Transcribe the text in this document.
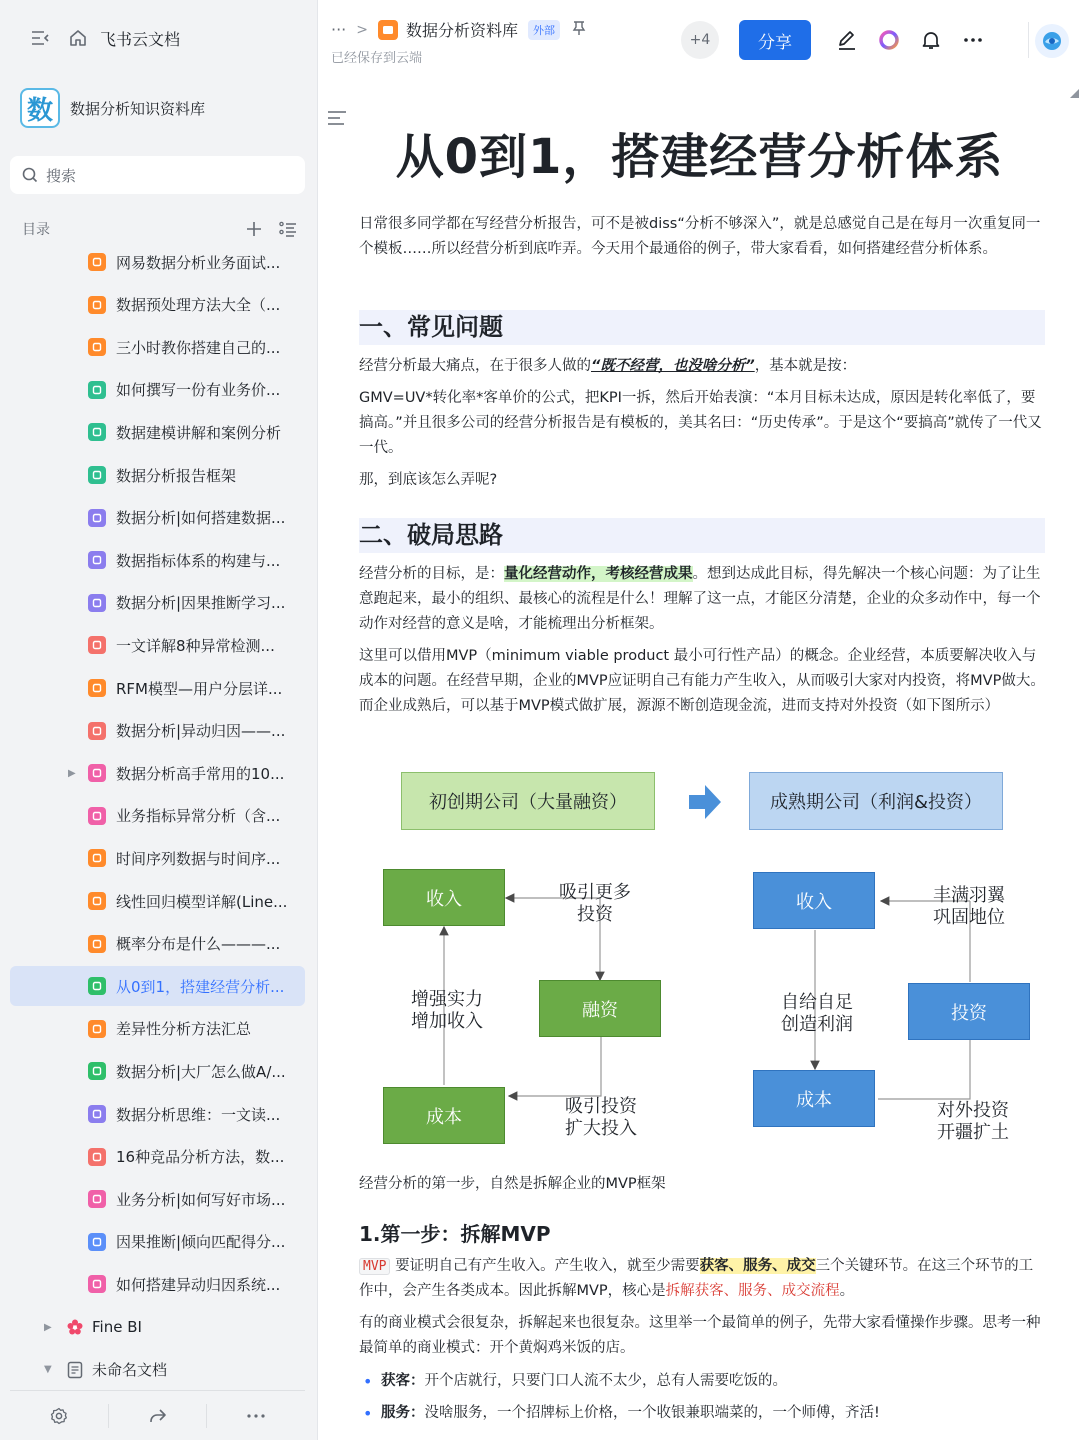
飞书云文档
数	数据分析知识资料库
搜索
目录
网易数据分析业务面试...
数据预处理方法大全（...
三小时教你搭建自己的...
如何撰写一份有业务价...
数据建模讲解和案例分析
数据分析报告框架
数据分析|如何搭建数据...
数据指标体系的构建与...
数据分析|因果推断学习...
一文详解8种异常检测...
RFM模型—用户分层详...
数据分析|异动归因——...
▶	数据分析高手常用的10...
业务指标异常分析（含...
时间序列数据与时间序...
线性回归模型详解(Line...
概率分布是什么———...
从0到1，搭建经营分析...
差异性分析方法汇总
数据分析|大厂怎么做A/...
数据分析思维：一文读...
16种竞品分析方法，数...
业务分析|如何写好市场...
因果推断|倾向匹配得分...
如何搭建异动归因系统...
▶	Fine BI
▼	未命名文档
··· > 数据分析资料库	外部
已经保存到云端
+4	分享
从0到1，搭建经营分析体系
日常很多同学都在写经营分析报告，可不是被diss“分析不够深入”，就是总感觉自己是在每月一次重复同一个模板……所以经营分析到底咋弄。今天用个最通俗的例子，带大家看看，如何搭建经营分析体系。
一、常见问题
经营分析最大痛点，在于很多人做的“既不经营，也没啥分析”，基本就是按：
GMV=UV*转化率*客单价的公式，把KPI一拆，然后开始表演：“本月目标未达成，原因是转化率低了，要搞高。”并且很多公司的经营分析报告是有模板的，美其名曰：“历史传承”。于是这个“要搞高”就传了一代又一代。
那，到底该怎么弄呢?
二、破局思路
经营分析的目标，是：量化经营动作，考核经营成果。想到达成此目标，得先解决一个核心问题：为了让生意跑起来，最小的组织、最核心的流程是什么！理解了这一点，才能区分清楚，企业的众多动作中，每一个动作对经营的意义是啥，才能梳理出分析框架。
这里可以借用MVP（minimum viable product 最小可行性产品）的概念。企业经营，本质要解决收入与成本的问题。在经营早期，企业的MVP应证明自己有能力产生收入，从而吸引大家对内投资，将MVP做大。而企业成熟后，可以基于MVP模式做扩展，源源不断创造现金流，进而支持对外投资（如下图所示）
初创期公司（大量融资）	成熟期公司（利润&投资）
收入
融资
成本
吸引更多
投资
增强实力
增加收入
吸引投资
扩大投入
收入
投资
成本
丰满羽翼
巩固地位
自给自足
创造利润
对外投资
开疆扩土
经营分析的第一步，自然是拆解企业的MVP框架
1.第一步：拆解MVP
MVP 要证明自己有产生收入。产生收入，就至少需要获客、服务、成交三个关键环节。在这三个环节的工作中，会产生各类成本。因此拆解MVP，核心是拆解获客、服务、成交流程。
有的商业模式会很复杂，拆解起来也很复杂。这里举一个最简单的例子，先带大家看懂操作步骤。思考一种最简单的商业模式：开个黄焖鸡米饭的店。
• 获客：开个店就行，只要门口人流不太少，总有人需要吃饭的。
• 服务：没啥服务，一个招牌标上价格，一个收银兼职端菜的，一个师傅，齐活!
